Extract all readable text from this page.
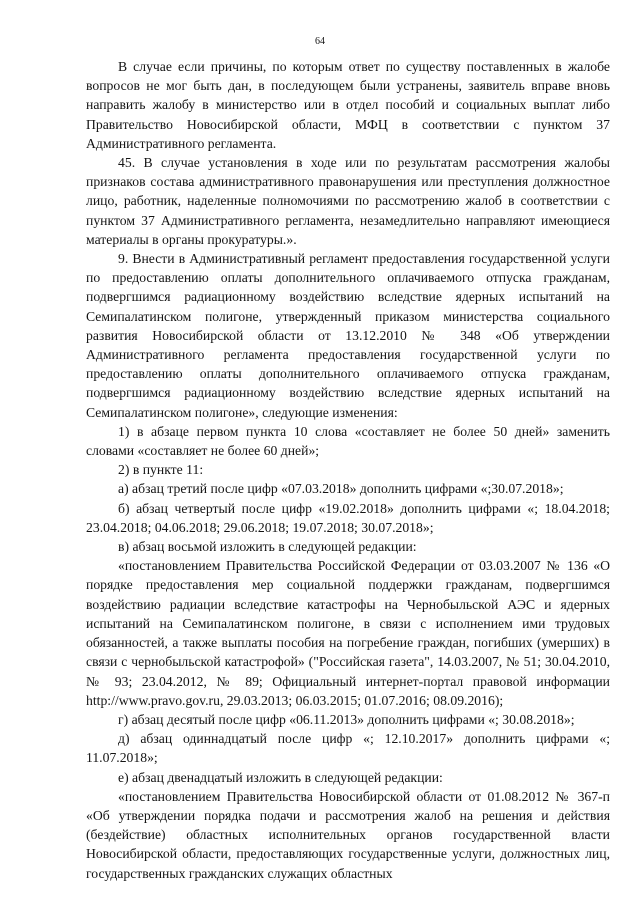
64

В случае если причины, по которым ответ по существу поставленных в жалобе вопросов не мог быть дан, в последующем были устранены, заявитель вправе вновь направить жалобу в министерство или в отдел пособий и социальных выплат либо Правительство Новосибирской области, МФЦ в соответствии с пунктом 37 Административного регламента.

45. В случае установления в ходе или по результатам рассмотрения жалобы признаков состава административного правонарушения или преступления должностное лицо, работник, наделенные полномочиями по рассмотрению жалоб в соответствии с пунктом 37 Административного регламента, незамедлительно направляют имеющиеся материалы в органы прокуратуры.».

9. Внести в Административный регламент предоставления государственной услуги по предоставлению оплаты дополнительного оплачиваемого отпуска гражданам, подвергшимся радиационному воздействию вследствие ядерных испытаний на Семипалатинском полигоне, утвержденный приказом министерства социального развития Новосибирской области от 13.12.2010 № 348 «Об утверждении Административного регламента предоставления государственной услуги по предоставлению оплаты дополнительного оплачиваемого отпуска гражданам, подвергшимся радиационному воздействию вследствие ядерных испытаний на Семипалатинском полигоне», следующие изменения:

1) в абзаце первом пункта 10 слова «составляет не более 50 дней» заменить словами «составляет не более 60 дней»;

2) в пункте 11:

а) абзац третий после цифр «07.03.2018» дополнить цифрами «;30.07.2018»;

б) абзац четвертый после цифр «19.02.2018» дополнить цифрами «; 18.04.2018; 23.04.2018; 04.06.2018; 29.06.2018; 19.07.2018; 30.07.2018»;

в) абзац восьмой изложить в следующей редакции:

«постановлением Правительства Российской Федерации от 03.03.2007 № 136 «О порядке предоставления мер социальной поддержки гражданам, подвергшимся воздействию радиации вследствие катастрофы на Чернобыльской АЭС и ядерных испытаний на Семипалатинском полигоне, в связи с исполнением ими трудовых обязанностей, а также выплаты пособия на погребение граждан, погибших (умерших) в связи с чернобыльской катастрофой» ("Российская газета", 14.03.2007, № 51; 30.04.2010, № 93; 23.04.2012, № 89; Официальный интернет-портал правовой информации http://www.pravo.gov.ru, 29.03.2013; 06.03.2015; 01.07.2016; 08.09.2016);

г) абзац десятый после цифр «06.11.2013» дополнить цифрами «; 30.08.2018»;

д) абзац одиннадцатый после цифр «; 12.10.2017» дополнить цифрами «; 11.07.2018»;

е) абзац двенадцатый изложить в следующей редакции:

«постановлением Правительства Новосибирской области от 01.08.2012 № 367-п «Об утверждении порядка подачи и рассмотрения жалоб на решения и действия (бездействие) областных исполнительных органов государственной власти Новосибирской области, предоставляющих государственные услуги, должностных лиц, государственных гражданских служащих областных
